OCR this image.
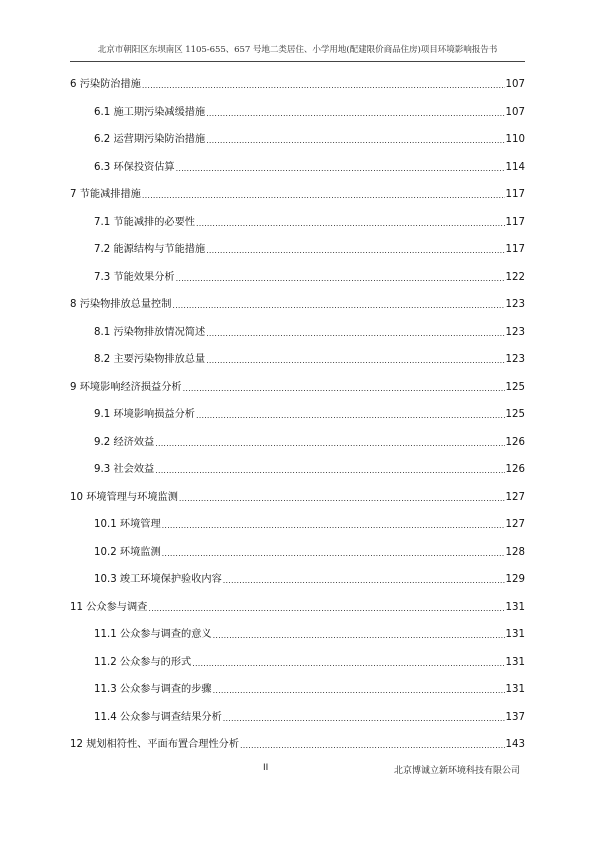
北京市朝阳区东坝南区 1105-655、657 号地二类居住、小学用地(配建限价商品住房)项目环境影响报告书
6 污染防治措施 .....	107
6.1 施工期污染减缓措施 .....	107
6.2 运营期污染防治措施 .....	110
6.3 环保投资估算 .....	114
7 节能减排措施 .....	117
7.1 节能减排的必要性 .....	117
7.2 能源结构与节能措施 .....	117
7.3 节能效果分析 .....	122
8 污染物排放总量控制 .....	123
8.1 污染物排放情况简述 .....	123
8.2 主要污染物排放总量 .....	123
9 环境影响经济损益分析 .....	125
9.1 环境影响损益分析 .....	125
9.2 经济效益 .....	126
9.3 社会效益 .....	126
10 环境管理与环境监测 .....	127
10.1 环境管理 .....	127
10.2 环境监测 .....	128
10.3 竣工环境保护验收内容 .....	129
11 公众参与调查 .....	131
11.1 公众参与调查的意义 .....	131
11.2 公众参与的形式 .....	131
11.3 公众参与调查的步骤 .....	131
11.4 公众参与调查结果分析 .....	137
12 规划相符性、平面布置合理性分析 .....	143
II	北京博诚立新环境科技有限公司
